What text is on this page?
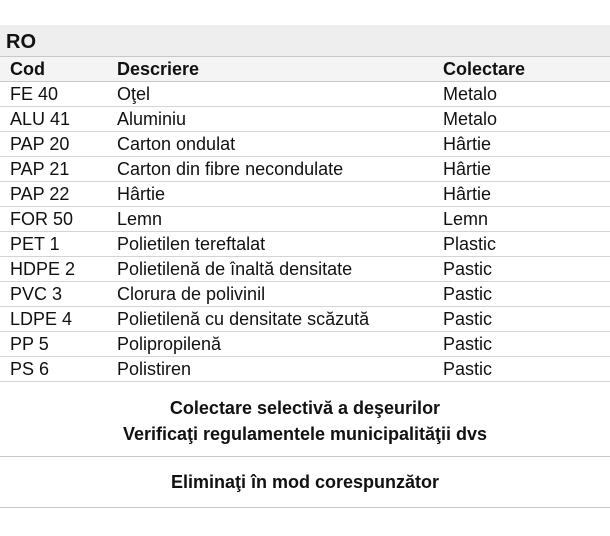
RO
Cod	Descriere	Colectare
FE 40	Oţel	Metalo
ALU 41	Aluminiu	Metalo
PAP 20	Carton ondulat	Hârtie
PAP 21	Carton din fibre necondulate	Hârtie
PAP 22	Hârtie	Hârtie
FOR 50	Lemn	Lemn
PET 1	Polietilen tereftalat	Plastic
HDPE 2	Polietilenă de înaltă densitate	Pastic
PVC 3	Clorura de polivinil	Pastic
LDPE 4	Polietilenă cu densitate scăzută	Pastic
PP 5	Polipropilenă	Pastic
PS 6	Polistiren	Pastic
Colectare selectivă a deşeurilor
Verificaţi regulamentele municipalităţii dvs
Eliminaţi în mod corespunzător
